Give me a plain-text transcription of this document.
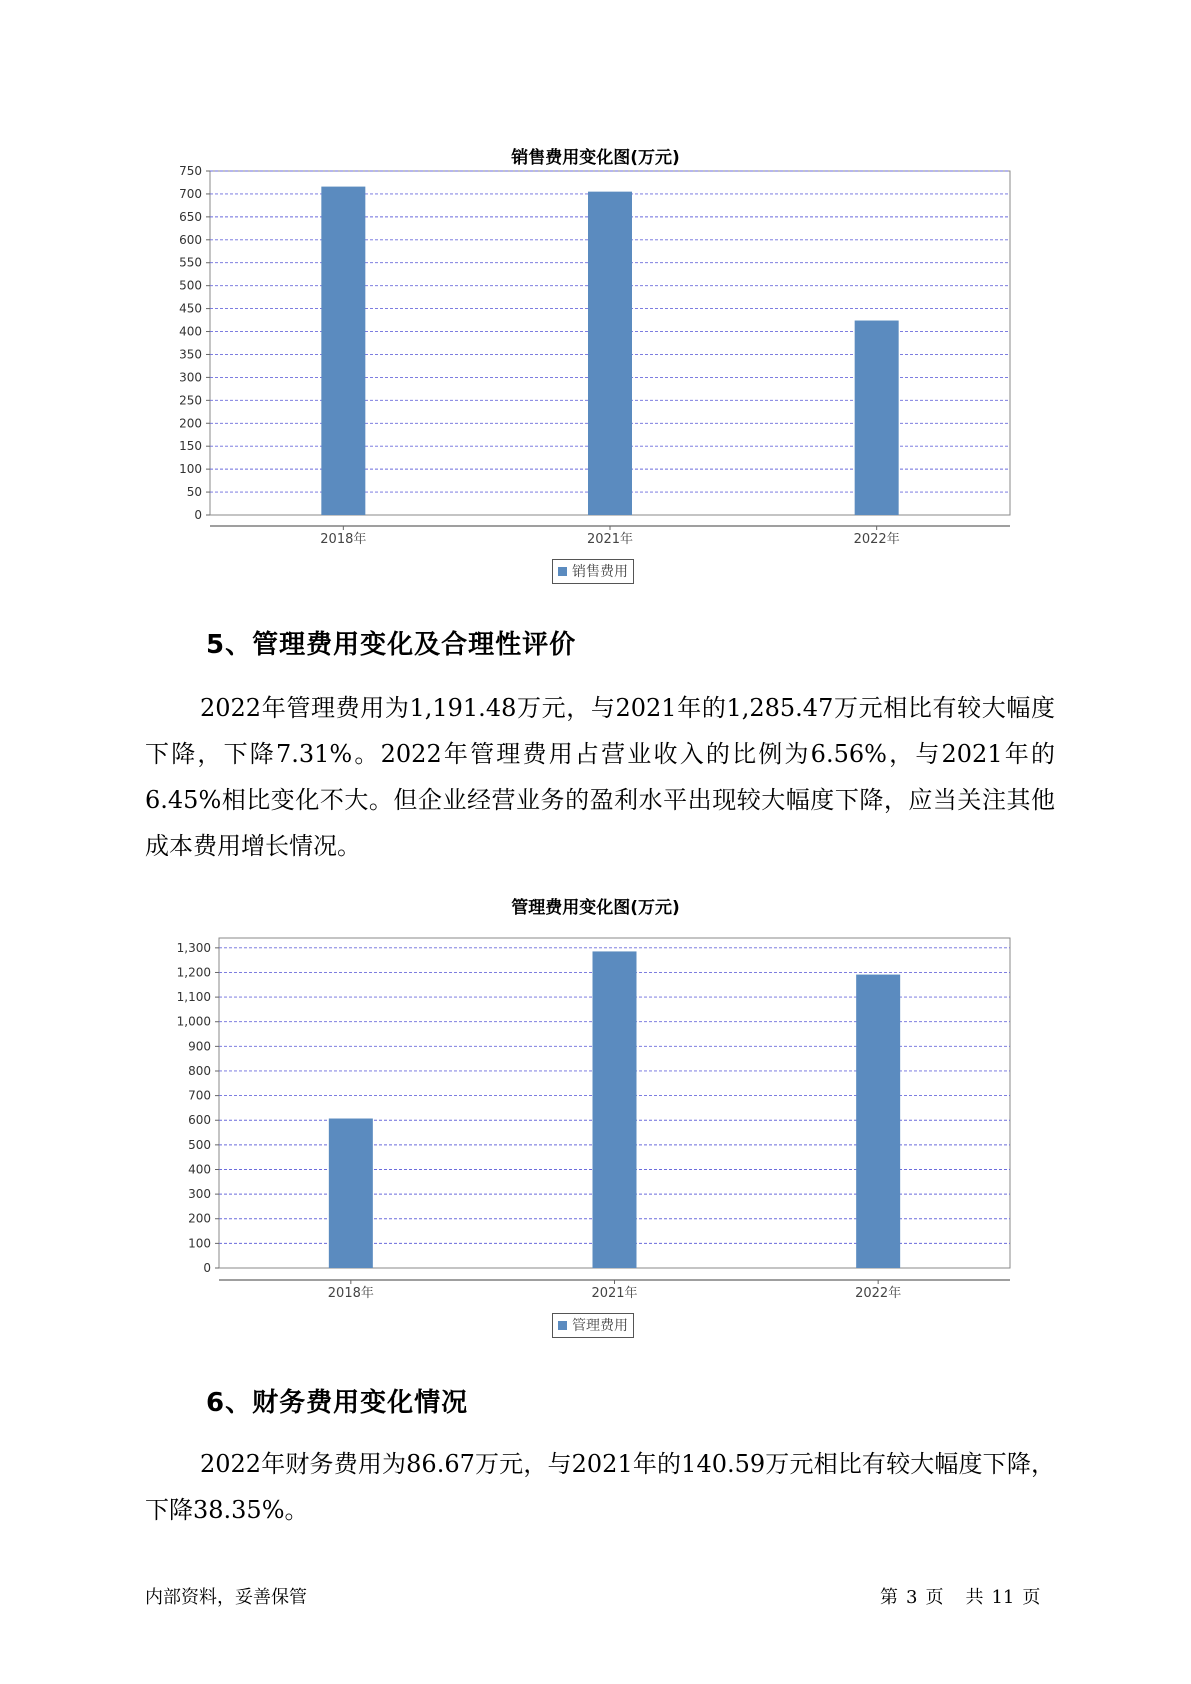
销售费用变化图(万元)
0
50
100
150
200
250
300
350
400
450
500
550
600
650
700
750
2018年	2021年	2022年
销售费用
5、管理费用变化及合理性评价

2022年管理费用为1,191.48万元，与2021年的1,285.47万元相比有较大幅度下降，下降7.31%。2022年管理费用占营业收入的比例为6.56%，与2021年的6.45%相比变化不大。但企业经营业务的盈利水平出现较大幅度下降，应当关注其他成本费用增长情况。

管理费用变化图(万元)
0
100
200
300
400
500
600
700
800
900
1,000
1,100
1,200
1,300
2018年	2021年	2022年
管理费用
6、财务费用变化情况

2022年财务费用为86.67万元，与2021年的140.59万元相比有较大幅度下降，下降38.35%。

内部资料，妥善保管	第 3 页 共 11 页
